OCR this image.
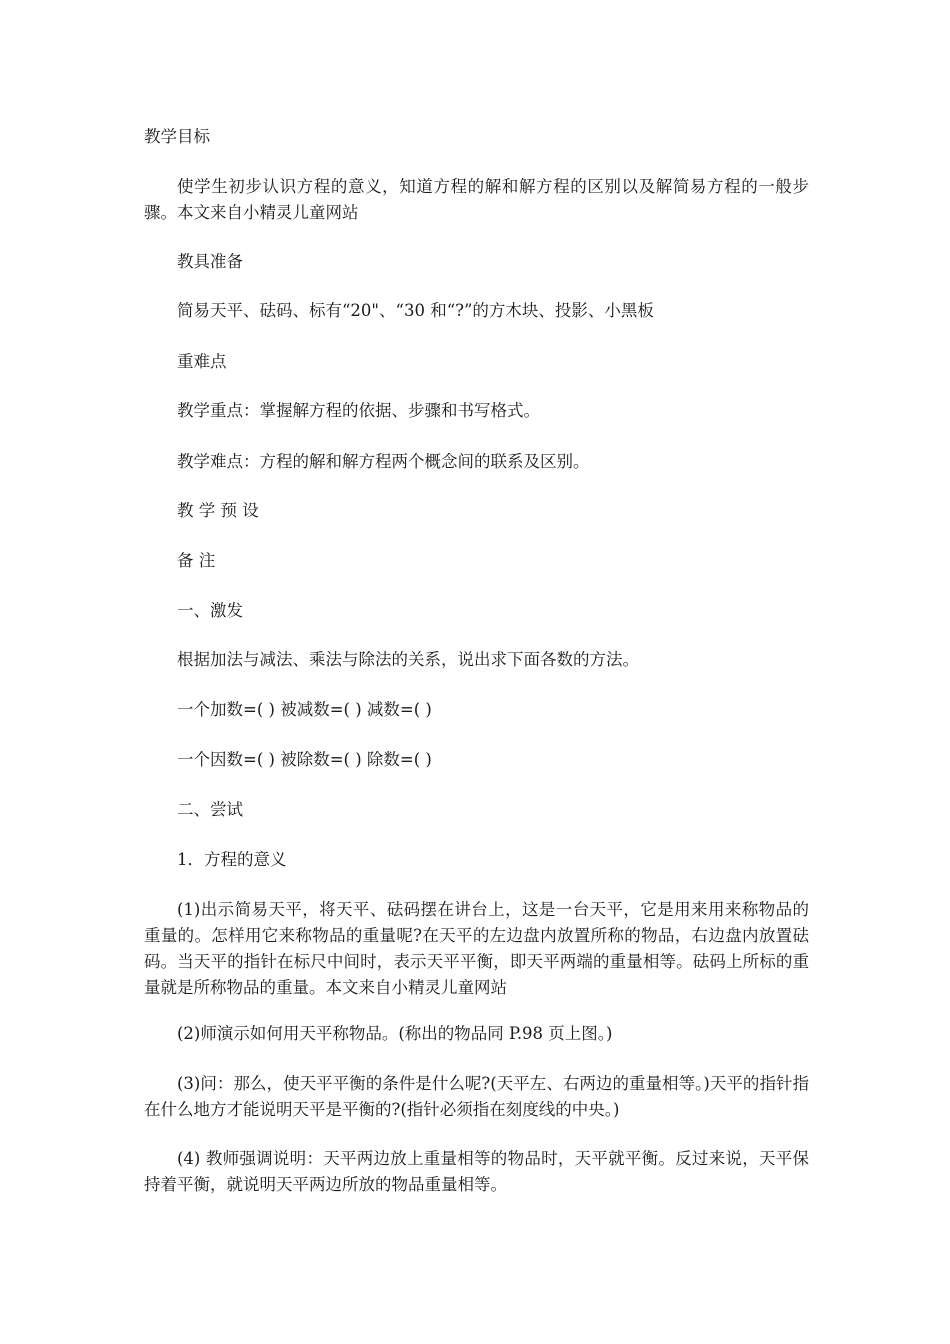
教学目标

使学生初步认识方程的意义，知道方程的解和解方程的区别以及解简易方程的一般步骤。本文来自小精灵儿童网站

教具准备

简易天平、砝码、标有“20"、“30 和“?”的方木块、投影、小黑板

重难点

教学重点：掌握解方程的依据、步骤和书写格式。

教学难点：方程的解和解方程两个概念间的联系及区别。

教 学 预 设

备 注

一、激发

根据加法与减法、乘法与除法的关系，说出求下面各数的方法。

一个加数=( ) 被减数=( ) 减数=( )

一个因数=( ) 被除数=( ) 除数=( )

二、尝试

1．方程的意义

(1)出示简易天平，将天平、砝码摆在讲台上，这是一台天平，它是用来用来称物品的重量的。怎样用它来称物品的重量呢?在天平的左边盘内放置所称的物品，右边盘内放置砝码。当天平的指针在标尺中间时，表示天平平衡，即天平两端的重量相等。砝码上所标的重量就是所称物品的重量。本文来自小精灵儿童网站

(2)师演示如何用天平称物品。(称出的物品同 P.98 页上图。)

(3)问：那么，使天平平衡的条件是什么呢?(天平左、右两边的重量相等。)天平的指针指在什么地方才能说明天平是平衡的?(指针必须指在刻度线的中央。)

(4) 教师强调说明：天平两边放上重量相等的物品时，天平就平衡。反过来说，天平保持着平衡，就说明天平两边所放的物品重量相等。
